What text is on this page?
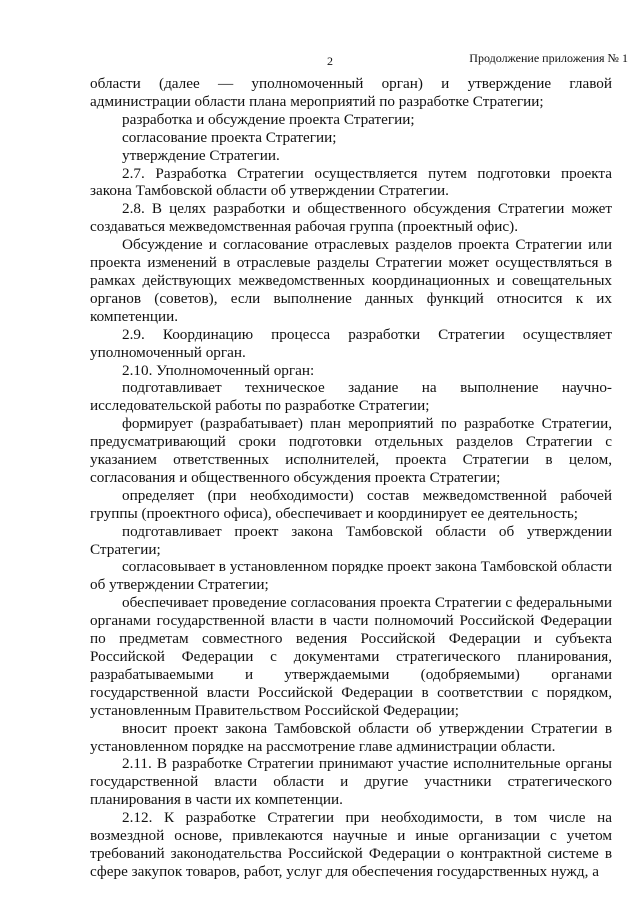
2	Продолжение приложения № 1

области (далее — уполномоченный орган) и утверждение главой администрации области плана мероприятий по разработке Стратегии;

разработка и обсуждение проекта Стратегии;

согласование проекта Стратегии;

утверждение Стратегии.

2.7. Разработка Стратегии осуществляется путем подготовки проекта закона Тамбовской области об утверждении Стратегии.

2.8. В целях разработки и общественного обсуждения Стратегии может создаваться межведомственная рабочая группа (проектный офис).

Обсуждение и согласование отраслевых разделов проекта Стратегии или проекта изменений в отраслевые разделы Стратегии может осуществляться в рамках действующих межведомственных координационных и совещательных органов (советов), если выполнение данных функций относится к их компетенции.

2.9. Координацию процесса разработки Стратегии осуществляет уполномоченный орган.

2.10. Уполномоченный орган:

подготавливает техническое задание на выполнение научно-исследовательской работы по разработке Стратегии;

формирует (разрабатывает) план мероприятий по разработке Стратегии, предусматривающий сроки подготовки отдельных разделов Стратегии с указанием ответственных исполнителей, проекта Стратегии в целом, согласования и общественного обсуждения проекта Стратегии;

определяет (при необходимости) состав межведомственной рабочей группы (проектного офиса), обеспечивает и координирует ее деятельность;

подготавливает проект закона Тамбовской области об утверждении Стратегии;

согласовывает в установленном порядке проект закона Тамбовской области об утверждении Стратегии;

обеспечивает проведение согласования проекта Стратегии с федеральными органами государственной власти в части полномочий Российской Федерации по предметам совместного ведения Российской Федерации и субъекта Российской Федерации с документами стратегического планирования, разрабатываемыми и утверждаемыми (одобряемыми) органами государственной власти Российской Федерации в соответствии с порядком, установленным Правительством Российской Федерации;

вносит проект закона Тамбовской области об утверждении Стратегии в установленном порядке на рассмотрение главе администрации области.

2.11. В разработке Стратегии принимают участие исполнительные органы государственной власти области и другие участники стратегического планирования в части их компетенции.

2.12. К разработке Стратегии при необходимости, в том числе на возмездной основе, привлекаются научные и иные организации с учетом требований законодательства Российской Федерации о контрактной системе в сфере закупок товаров, работ, услуг для обеспечения государственных нужд, а
